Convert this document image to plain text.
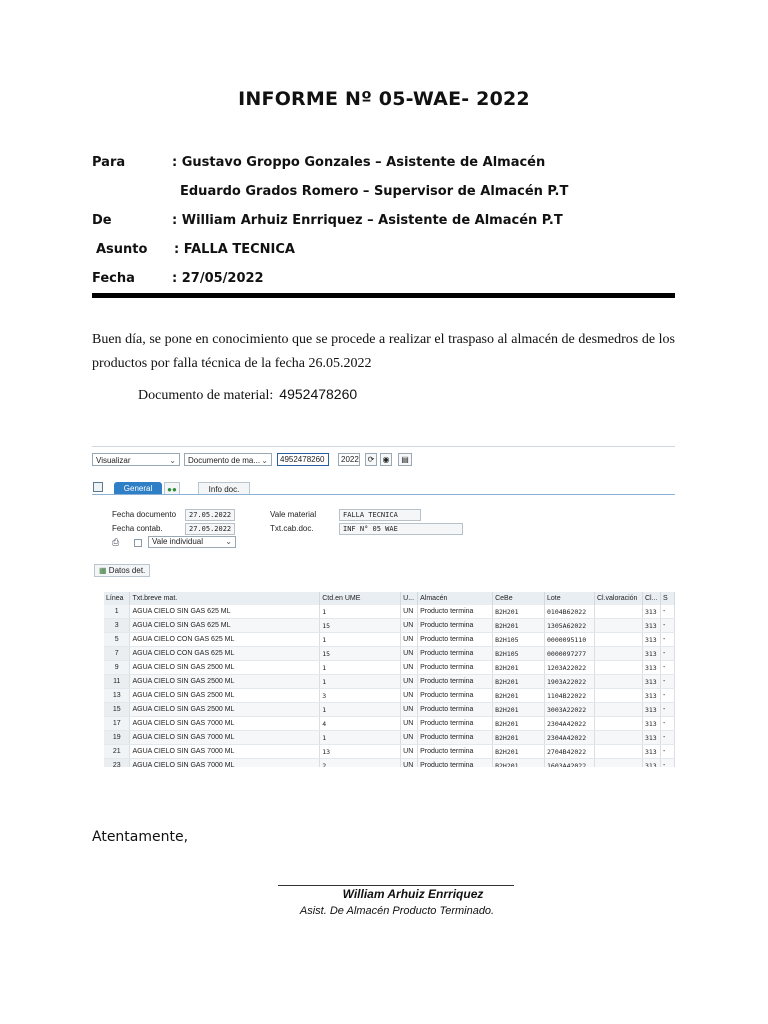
INFORME Nº 05-WAE- 2022
Para	: Gustavo Groppo Gonzales – Asistente de Almacén
Eduardo Grados Romero – Supervisor de Almacén P.T
De	: William Arhuiz Enrriquez – Asistente de Almacén P.T
Asunto : FALLA TECNICA
Fecha	: 27/05/2022
Buen día, se pone en conocimiento que se procede a realizar el traspaso al almacén de desmedros de los productos por falla técnica de la fecha 26.05.2022
Documento de material: 4952478260
Visualizar	⌄	Documento de ma... ⌄	4952478260	2022	⟳	◉	▤
General	●●	Info doc.
Fecha documento	27.05.2022
Fecha contab.	27.05.2022
Vale material	FALLA TECNICA
Txt.cab.doc.	INF N° 05 WAE
⎙	Vale individual	⌄
▦ Datos det.
Línea	Txt.breve mat.	Ctd.en UME	U...	Almacén	CeBe	Lote	Cl.valoración	Cl...	S
1	AGUA CIELO SIN GAS 625 ML	1	UN	Producto termina	B2H201	0104B62022		313	-
3	AGUA CIELO SIN GAS 625 ML	15	UN	Producto termina	B2H201	1305A62022		313	-
5	AGUA CIELO CON GAS 625 ML	1	UN	Producto termina	B2H105	0000095110		313	-
7	AGUA CIELO CON GAS 625 ML	15	UN	Producto termina	B2H105	0000097277		313	-
9	AGUA CIELO SIN GAS 2500 ML	1	UN	Producto termina	B2H201	1203A22022		313	-
11	AGUA CIELO SIN GAS 2500 ML	1	UN	Producto termina	B2H201	1903A22022		313	-
13	AGUA CIELO SIN GAS 2500 ML	3	UN	Producto termina	B2H201	1104B22022		313	-
15	AGUA CIELO SIN GAS 2500 ML	1	UN	Producto termina	B2H201	3003A22022		313	-
17	AGUA CIELO SIN GAS 7000 ML	4	UN	Producto termina	B2H201	2304A42022		313	-
19	AGUA CIELO SIN GAS 7000 ML	1	UN	Producto termina	B2H201	2304A42022		313	-
21	AGUA CIELO SIN GAS 7000 ML	13	UN	Producto termina	B2H201	2704B42022		313	-
23	AGUA CIELO SIN GAS 7000 ML	2	UN	Producto termina	B2H201	1603A42022		313	-
Atentamente,
William Arhuiz Enrriquez
Asist. De Almacén Producto Terminado.
